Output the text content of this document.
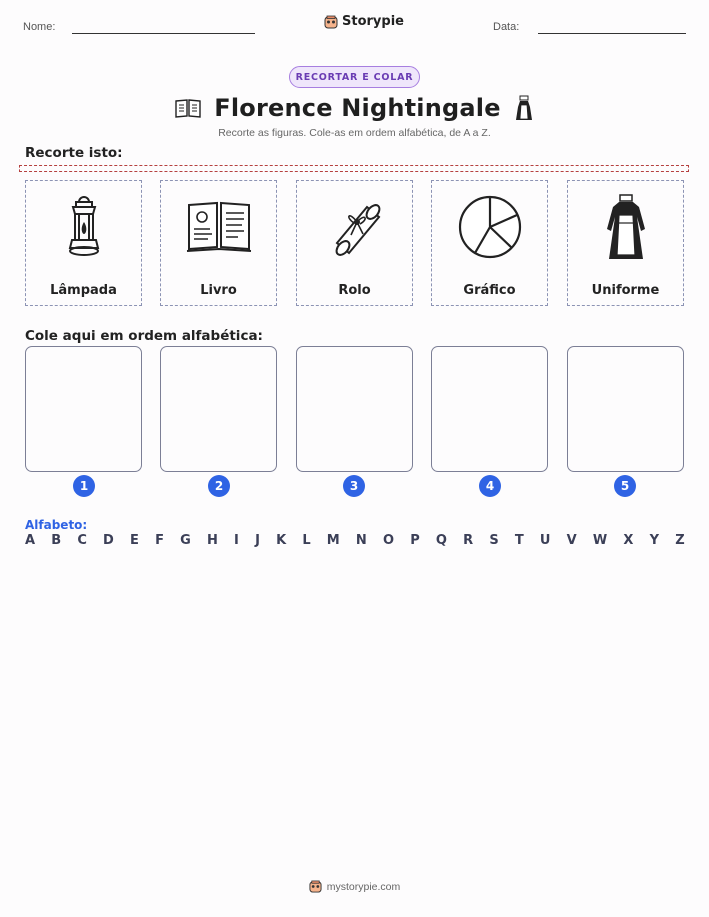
Nome:	Storypie	Data:
RECORTAR E COLAR
Florence Nightingale
Recorte as figuras. Cole-as em ordem alfabética, de A a Z.
Recorte isto:
Lâmpada	Livro	Rolo	Gráfico	Uniforme
Cole aqui em ordem alfabética:
1	2	3	4	5
Alfabeto:
A B C D E F G H I J K L M N O P Q R S T U V W X Y Z
mystorypie.com
